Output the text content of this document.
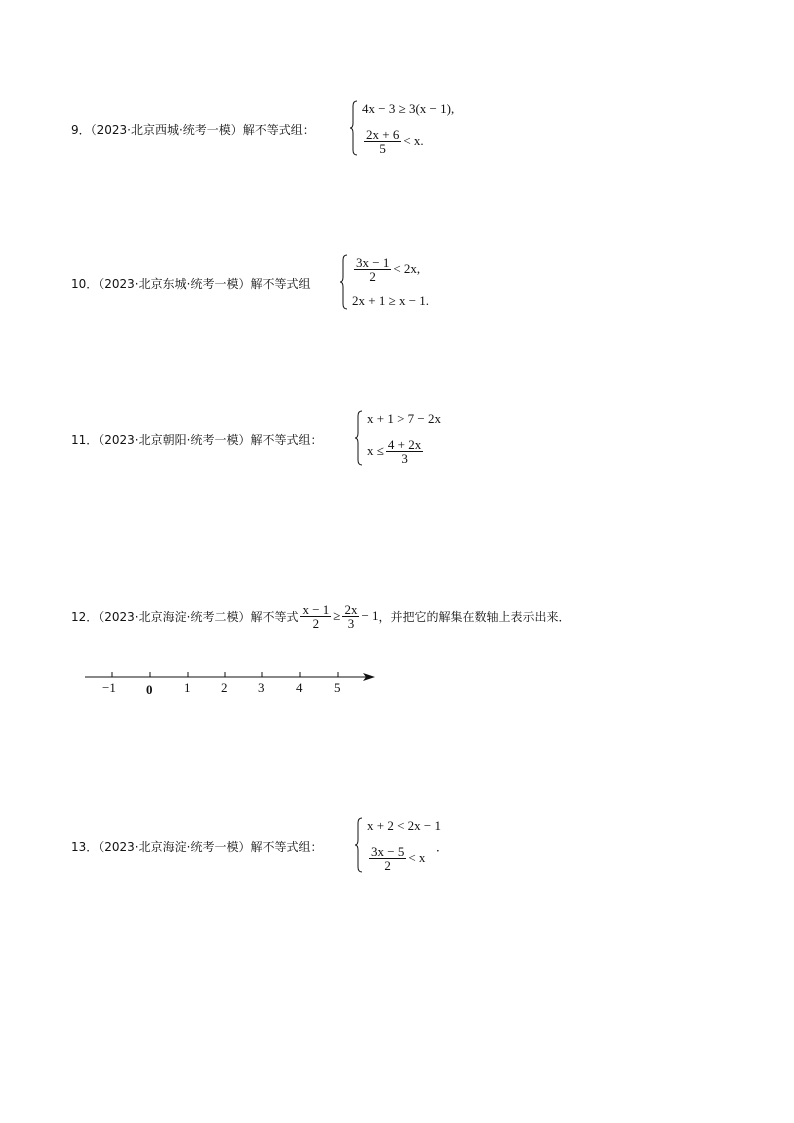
9．（2023·北京西城·统考一模）解不等式组：
4x − 3 ≥ 3(x − 1),
$\frac{2x + 6}{5} < x$.
10．（2023·北京东城·统考一模）解不等式组
$\frac{3x - 1}{2} < 2x$,
2x + 1 ≥ x − 1.
11．（2023·北京朝阳·统考一模）解不等式组：
x + 1 > 7 − 2x
$x \le \frac{4 + 2x}{3}$
12．（2023·北京海淀·统考二模）解不等式 $\frac{x - 1}{2} \ge \frac{2x}{3} - 1$ ，并把它的解集在数轴上表示出来．
−1 0 1 2 3 4 5
13．（2023·北京海淀·统考一模）解不等式组：
x + 2 < 2x − 1
$\frac{3x - 5}{2} < x$
．
